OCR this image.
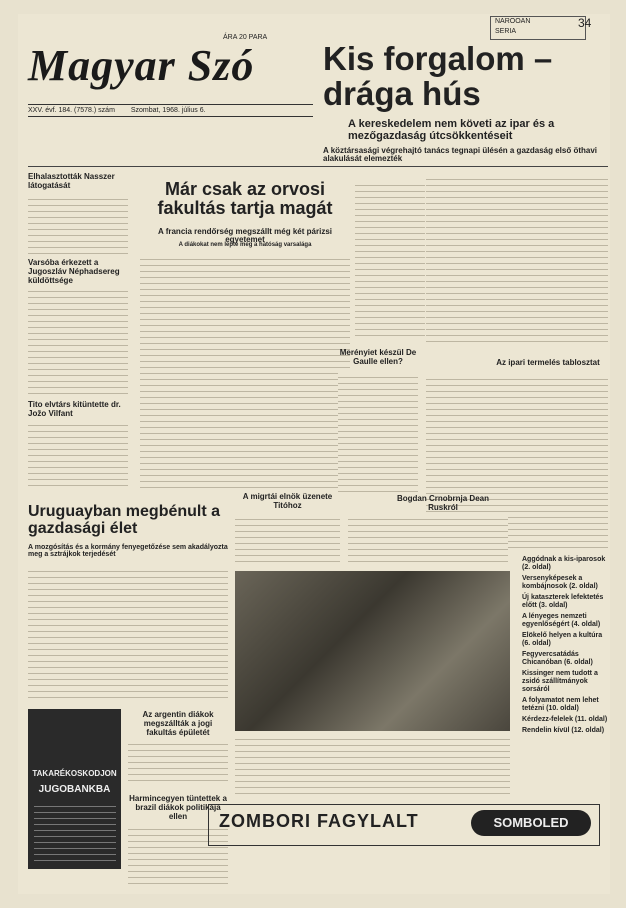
NAROOAN
SERIA
34
ÁRA 20 PARA
Magyar Szó
XXV. évf. 184. (7578.) szám Szombat, 1968. július 6.
Kis forgalom – drága hús
A kereskedelem nem követi az ipar és a mezőgazdaság útcsökkentéseit
A köztársasági végrehajtó tanács tegnapi ülésén a gazdaság első öthavi alakulását elemezték
Elhalasztották Nasszer látogatását
Varsóba érkezett a Jugoszláv Néphadsereg küldöttsége
Tito elvtárs kitüntette dr. Jožo Vilfant
Már csak az orvosi fakultás tartja magát
A francia rendőrség megszállt még két párizsi egyetemet
A diákokat nem lepte meg a hatóság varsalága
Merényiet készül De Gaulle ellen?	Az ipari termelés tablosztat
Uruguayban megbénult a gazdasági élet
A mozgósítás és a kormány fenyegetőzése sem akadályozta meg a sztrájkok terjedését
A migrtái elnök üzenete Titóhoz
Bogdan Crnobrnja Dean Ruskról
Az argentin diákok megszállták a jogi fakultás épületét
Harmincegyen tüntettek a brazil diákok politikája ellen
TAKARÉKOSKODJON
JUGOBANKBA
Aggódnak a kis-iparosok (2. oldal)
Versenyképesek a kombájnosok (2. oldal)
Új kataszterek lefektetés előtt (3. oldal)
A lényeges nemzeti egyenlőségért (4. oldal)
Elökelő helyen a kultúra (6. oldal)
Fegyvercsatádás Chicanóban (6. oldal)
Kissinger nem tudott a zsidó szállítmányok sorsáról
A folyamatot nem lehet tetézni (10. oldal)
Kérdezz-felelek (11. oldal)
Rendelin kívül (12. oldal)
ZOMBORI FAGYLALT	SOMBOLED
